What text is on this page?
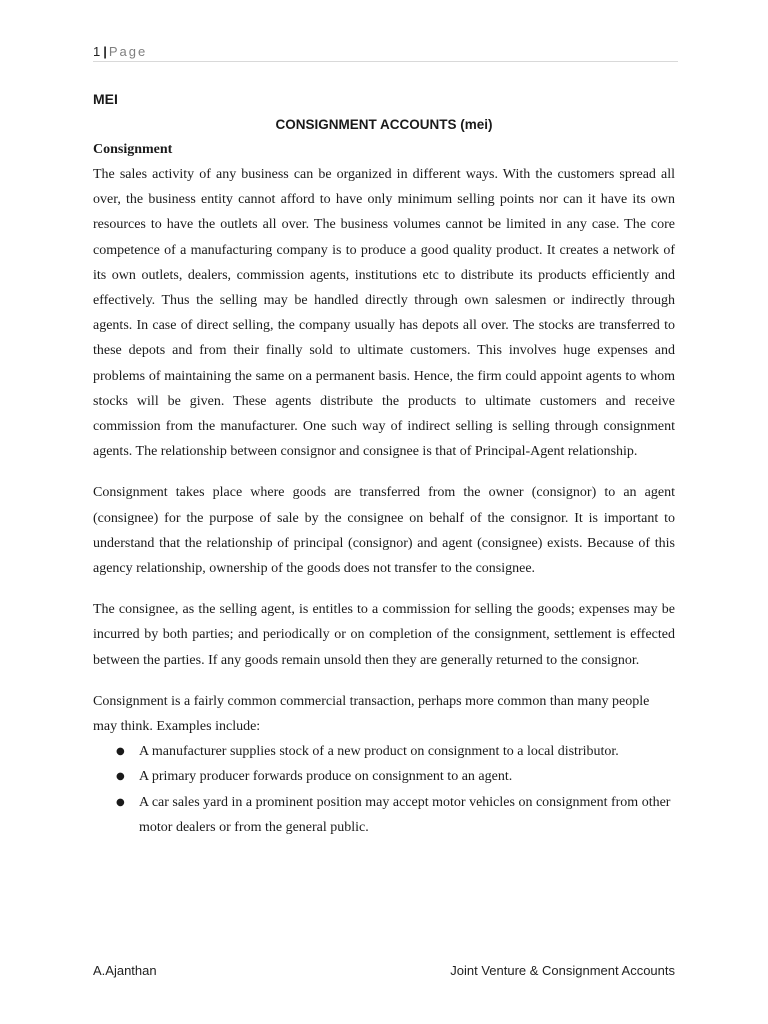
1 | Page
MEI
CONSIGNMENT ACCOUNTS (mei)
Consignment

The sales activity of any business can be organized in different ways. With the customers spread all over, the business entity cannot afford to have only minimum selling points nor can it have its own resources to have the outlets all over. The business volumes cannot be limited in any case. The core competence of a manufacturing company is to produce a good quality product. It creates a network of its own outlets, dealers, commission agents, institutions etc to distribute its products efficiently and effectively. Thus the selling may be handled directly through own salesmen or indirectly through agents. In case of direct selling, the company usually has depots all over. The stocks are transferred to these depots and from their finally sold to ultimate customers. This involves huge expenses and problems of maintaining the same on a permanent basis. Hence, the firm could appoint agents to whom stocks will be given. These agents distribute the products to ultimate customers and receive commission from the manufacturer. One such way of indirect selling is selling through consignment agents. The relationship between consignor and consignee is that of Principal-Agent relationship.

Consignment takes place where goods are transferred from the owner (consignor) to an agent (consignee) for the purpose of sale by the consignee on behalf of the consignor. It is important to understand that the relationship of principal (consignor) and agent (consignee) exists. Because of this agency relationship, ownership of the goods does not transfer to the consignee.

The consignee, as the selling agent, is entitles to a commission for selling the goods; expenses may be incurred by both parties; and periodically or on completion of the consignment, settlement is effected between the parties. If any goods remain unsold then they are generally returned to the consignor.

Consignment is a fairly common commercial transaction, perhaps more common than many people may think. Examples include:

● A manufacturer supplies stock of a new product on consignment to a local distributor.
● A primary producer forwards produce on consignment to an agent.
● A car sales yard in a prominent position may accept motor vehicles on consignment from other motor dealers or from the general public.
A.Ajanthan	Joint Venture & Consignment Accounts
